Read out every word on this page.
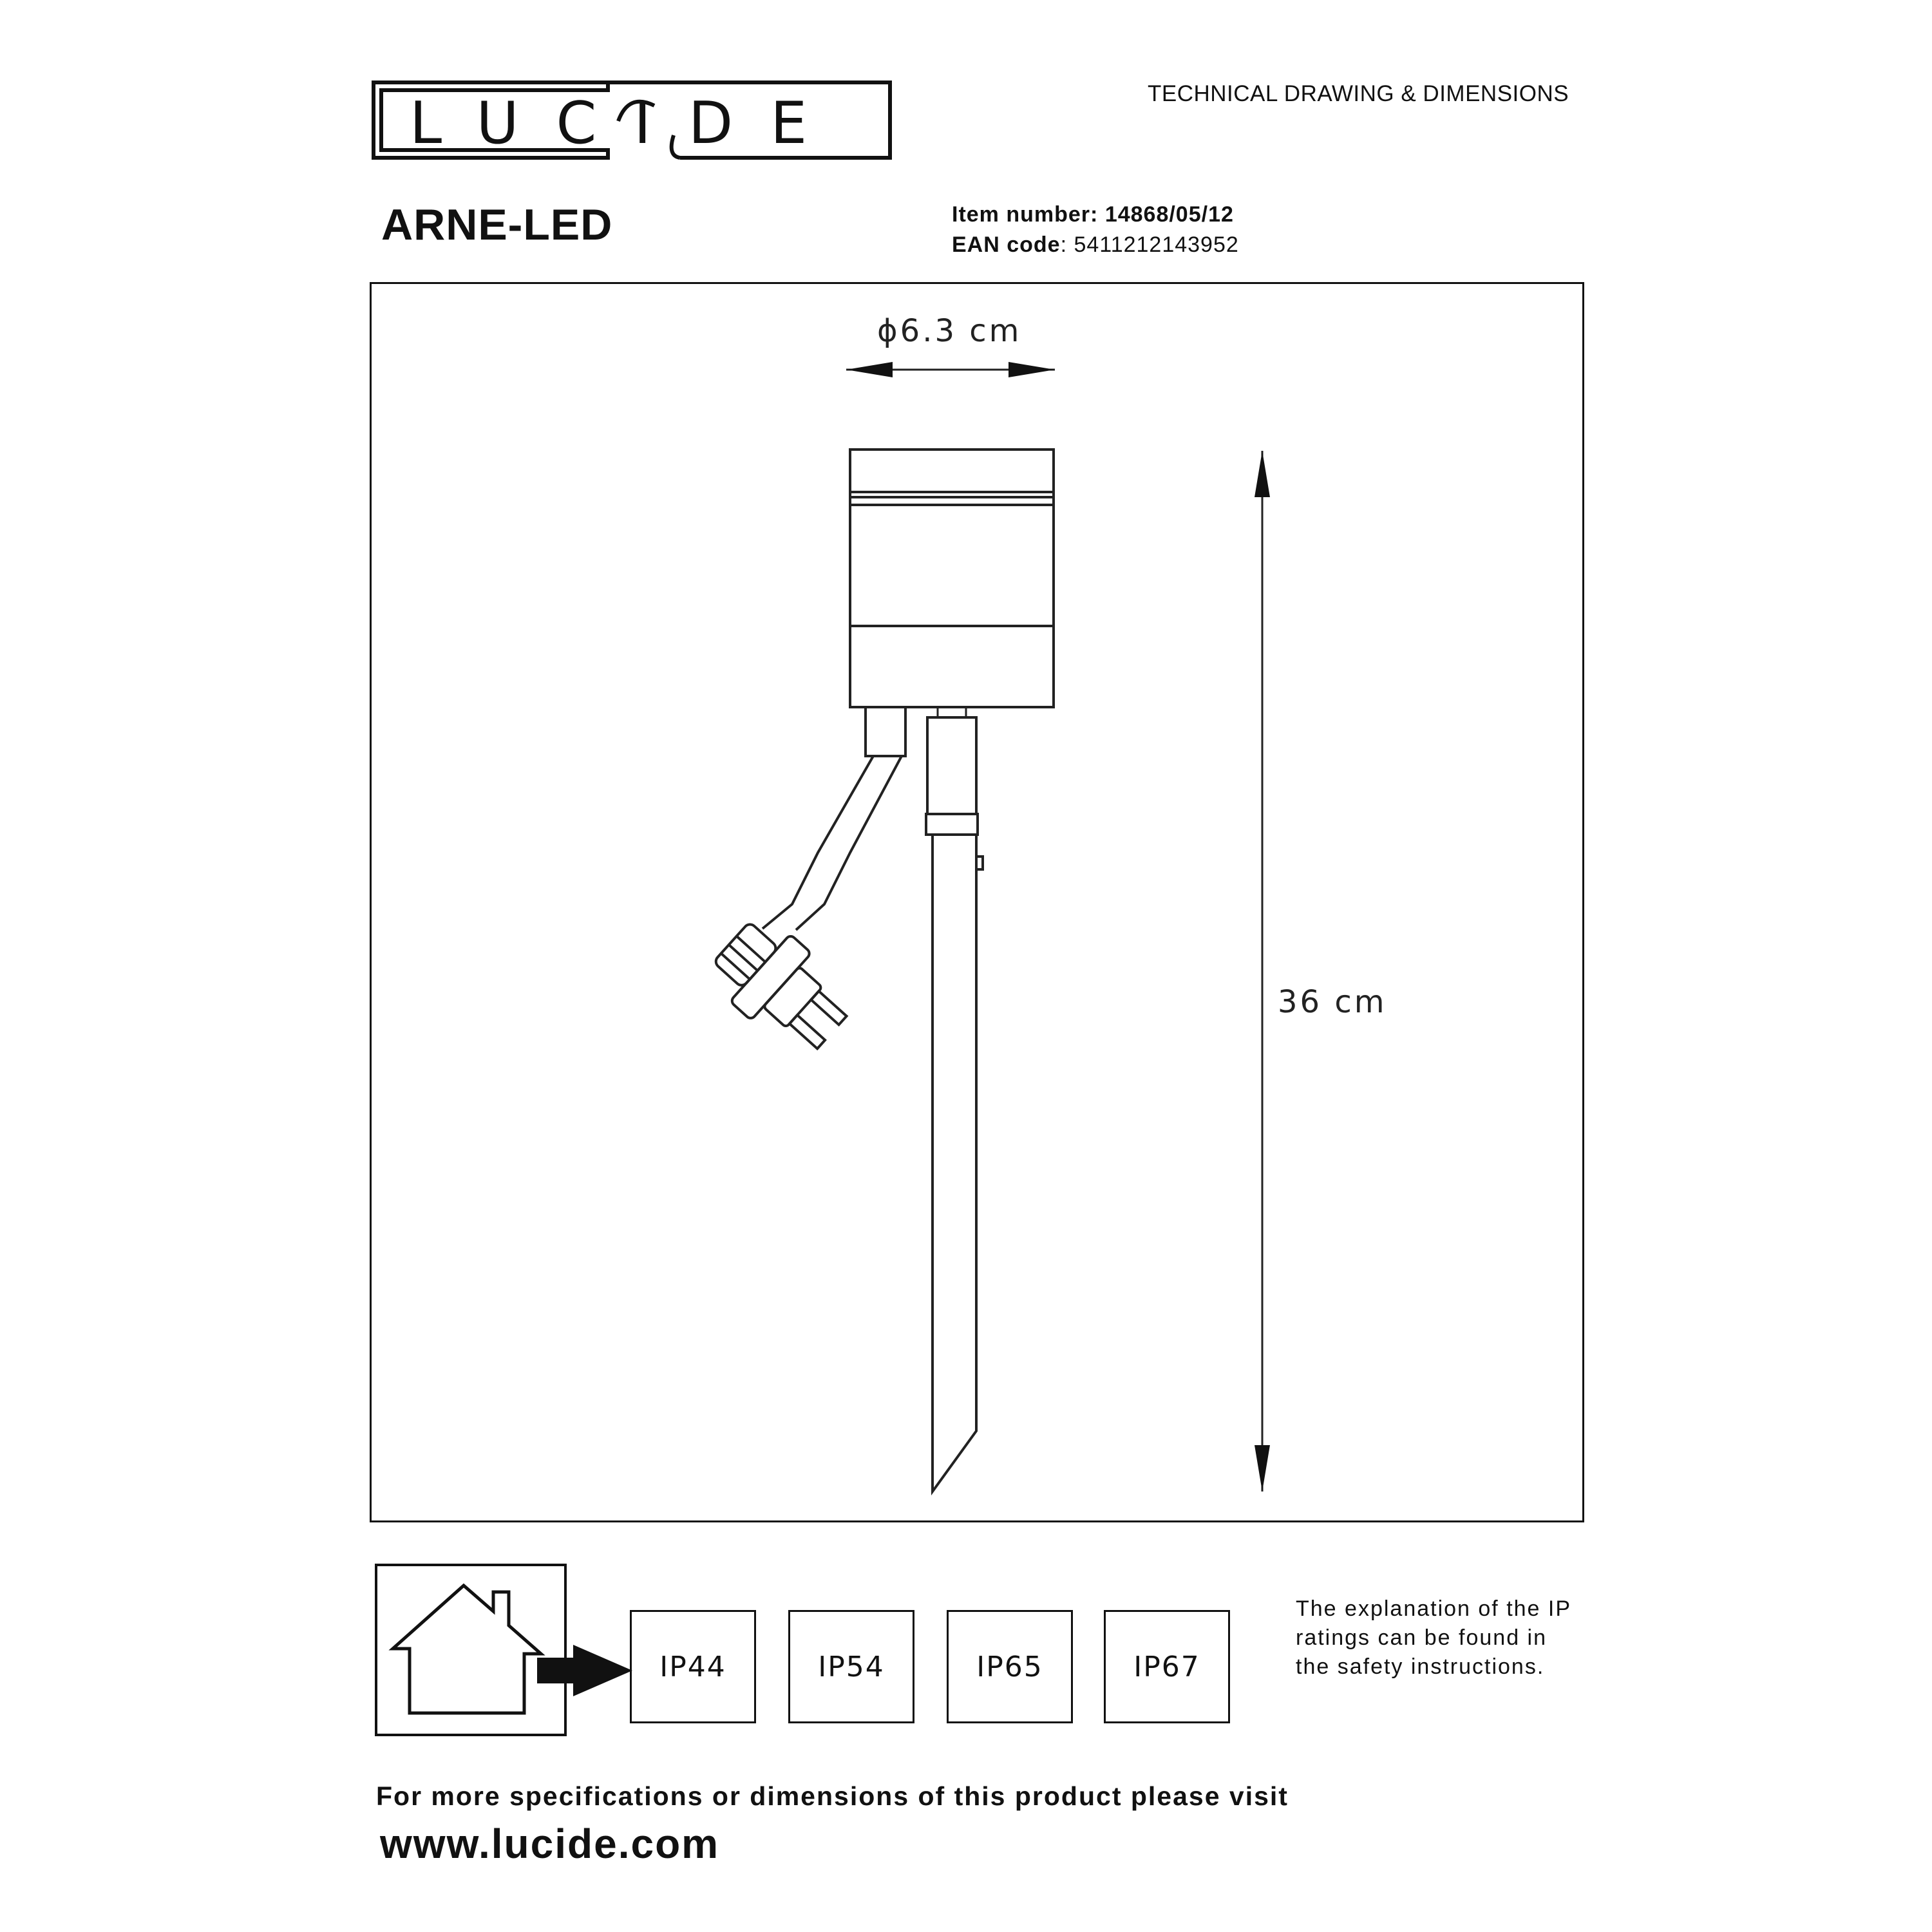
LUCIDE	TECHNICAL DRAWING & DIMENSIONS
ARNE-LED	Item number: 14868/05/12
EAN code: 5411212143952
ϕ6.3 cm
36 cm
IP44	IP54	IP65	IP67
The explanation of the IP ratings can be found in the safety instructions.
For more specifications or dimensions of this product please visit
www.lucide.com
